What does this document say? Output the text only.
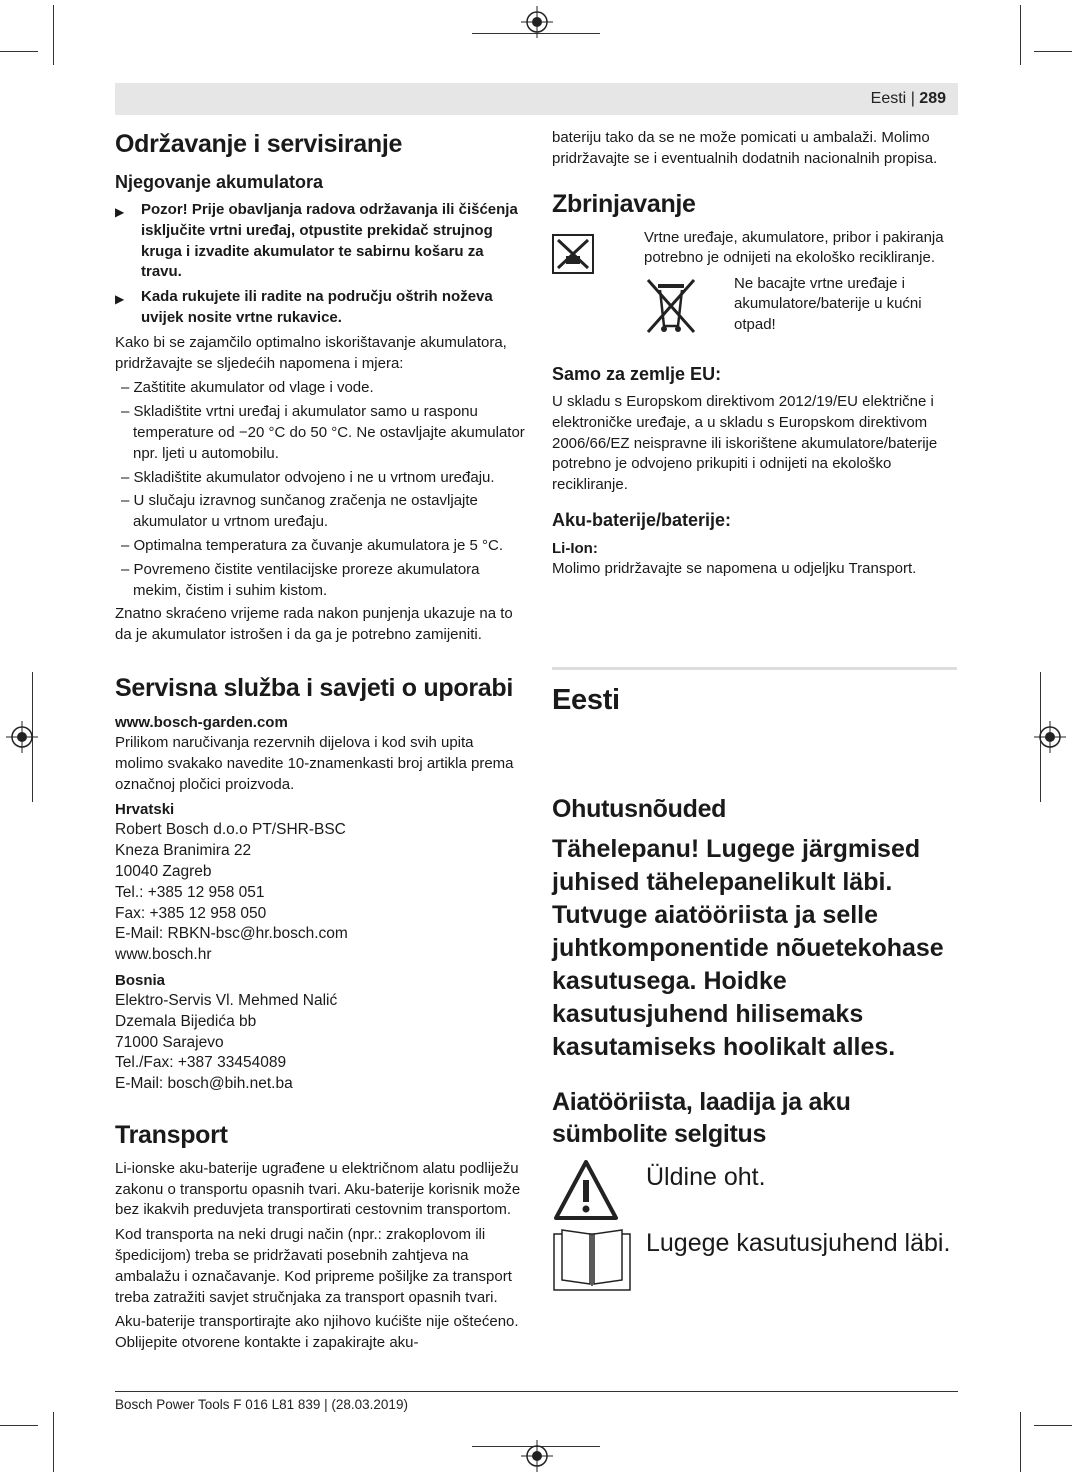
Eesti | 289
Održavanje i servisiranje
Njegovanje akumulatora
▶	Pozor! Prije obavljanja radova održavanja ili čišćenja isključite vrtni uređaj, otpustite prekidač strujnog kruga i izvadite akumulator te sabirnu košaru za travu.
▶	Kada rukujete ili radite na području oštrih noževa uvijek nosite vrtne rukavice.

Kako bi se zajamčilo optimalno iskorištavanje akumulatora, pridržavajte se sljedećih napomena i mjera:

– Zaštitite akumulator od vlage i vode.

– Skladištite vrtni uređaj i akumulator samo u rasponu temperature od −20 °C do 50 °C. Ne ostavljajte akumulator npr. ljeti u automobilu.

– Skladištite akumulator odvojeno i ne u vrtnom uređaju.

– U slučaju izravnog sunčanog zračenja ne ostavljajte akumulator u vrtnom uređaju.

– Optimalna temperatura za čuvanje akumulatora je 5 °C.

– Povremeno čistite ventilacijske proreze akumulatora mekim, čistim i suhim kistom.

Znatno skraćeno vrijeme rada nakon punjenja ukazuje na to da je akumulator istrošen i da ga je potrebno zamijeniti.

Servisna služba i savjeti o uporabi
www.bosch-garden.com

Prilikom naručivanja rezervnih dijelova i kod svih upita molimo svakako navedite 10-znamenkasti broj artikla prema označnoj pločici proizvoda.

Hrvatski

Robert Bosch d.o.o PT/SHR-BSC

Kneza Branimira 22

10040 Zagreb

Tel.: +385 12 958 051

Fax: +385 12 958 050

E-Mail: RBKN-bsc@hr.bosch.com

www.bosch.hr

Bosnia

Elektro-Servis Vl. Mehmed Nalić

Dzemala Bijedića bb

71000 Sarajevo

Tel./Fax: +387 33454089

E-Mail: bosch@bih.net.ba

Transport

Li-ionske aku-baterije ugrađene u električnom alatu podliježu zakonu o transportu opasnih tvari. Aku-baterije korisnik može bez ikakvih preduvjeta transportirati cestovnim transportom.

Kod transporta na neki drugi način (npr.: zrakoplovom ili špedicijom) treba se pridržavati posebnih zahtjeva na ambalažu i označavanje. Kod pripreme pošiljke za transport treba zatražiti savjet stručnjaka za transport opasnih tvari.

Aku-baterije transportirajte ako njihovo kućište nije oštećeno. Oblijepite otvorene kontakte i zapakirajte aku-

bateriju tako da se ne može pomicati u ambalaži. Molimo pridržavajte se i eventualnih dodatnih nacionalnih propisa.

Zbrinjavanje

Vrtne uređaje, akumulatore, pribor i pakiranja potrebno je odnijeti na ekološko recikliranje.

Ne bacajte vrtne uređaje i akumulatore/baterije u kućni otpad!

Samo za zemlje EU:

U skladu s Europskom direktivom 2012/19/EU električne i elektroničke uređaje, a u skladu s Europskom direktivom 2006/66/EZ neispravne ili iskorištene akumulatore/baterije potrebno je odvojeno prikupiti i odnijeti na ekološko recikliranje.

Aku-baterije/baterije:
Li-Ion:

Molimo pridržavajte se napomena u odjeljku Transport.

Eesti
Ohutusnõuded

Tähelepanu! Lugege järgmised juhised tähelepanelikult läbi. Tutvuge aiatööriista ja selle juhtkomponentide nõuetekohase kasutusega. Hoidke kasutusjuhend hilisemaks kasutamiseks hoolikalt alles.

Aiatööriista, laadija ja aku sümbolite selgitus
Üldine oht.
Lugege kasutusjuhend läbi.
Bosch Power Tools F 016 L81 839 | (28.03.2019)
